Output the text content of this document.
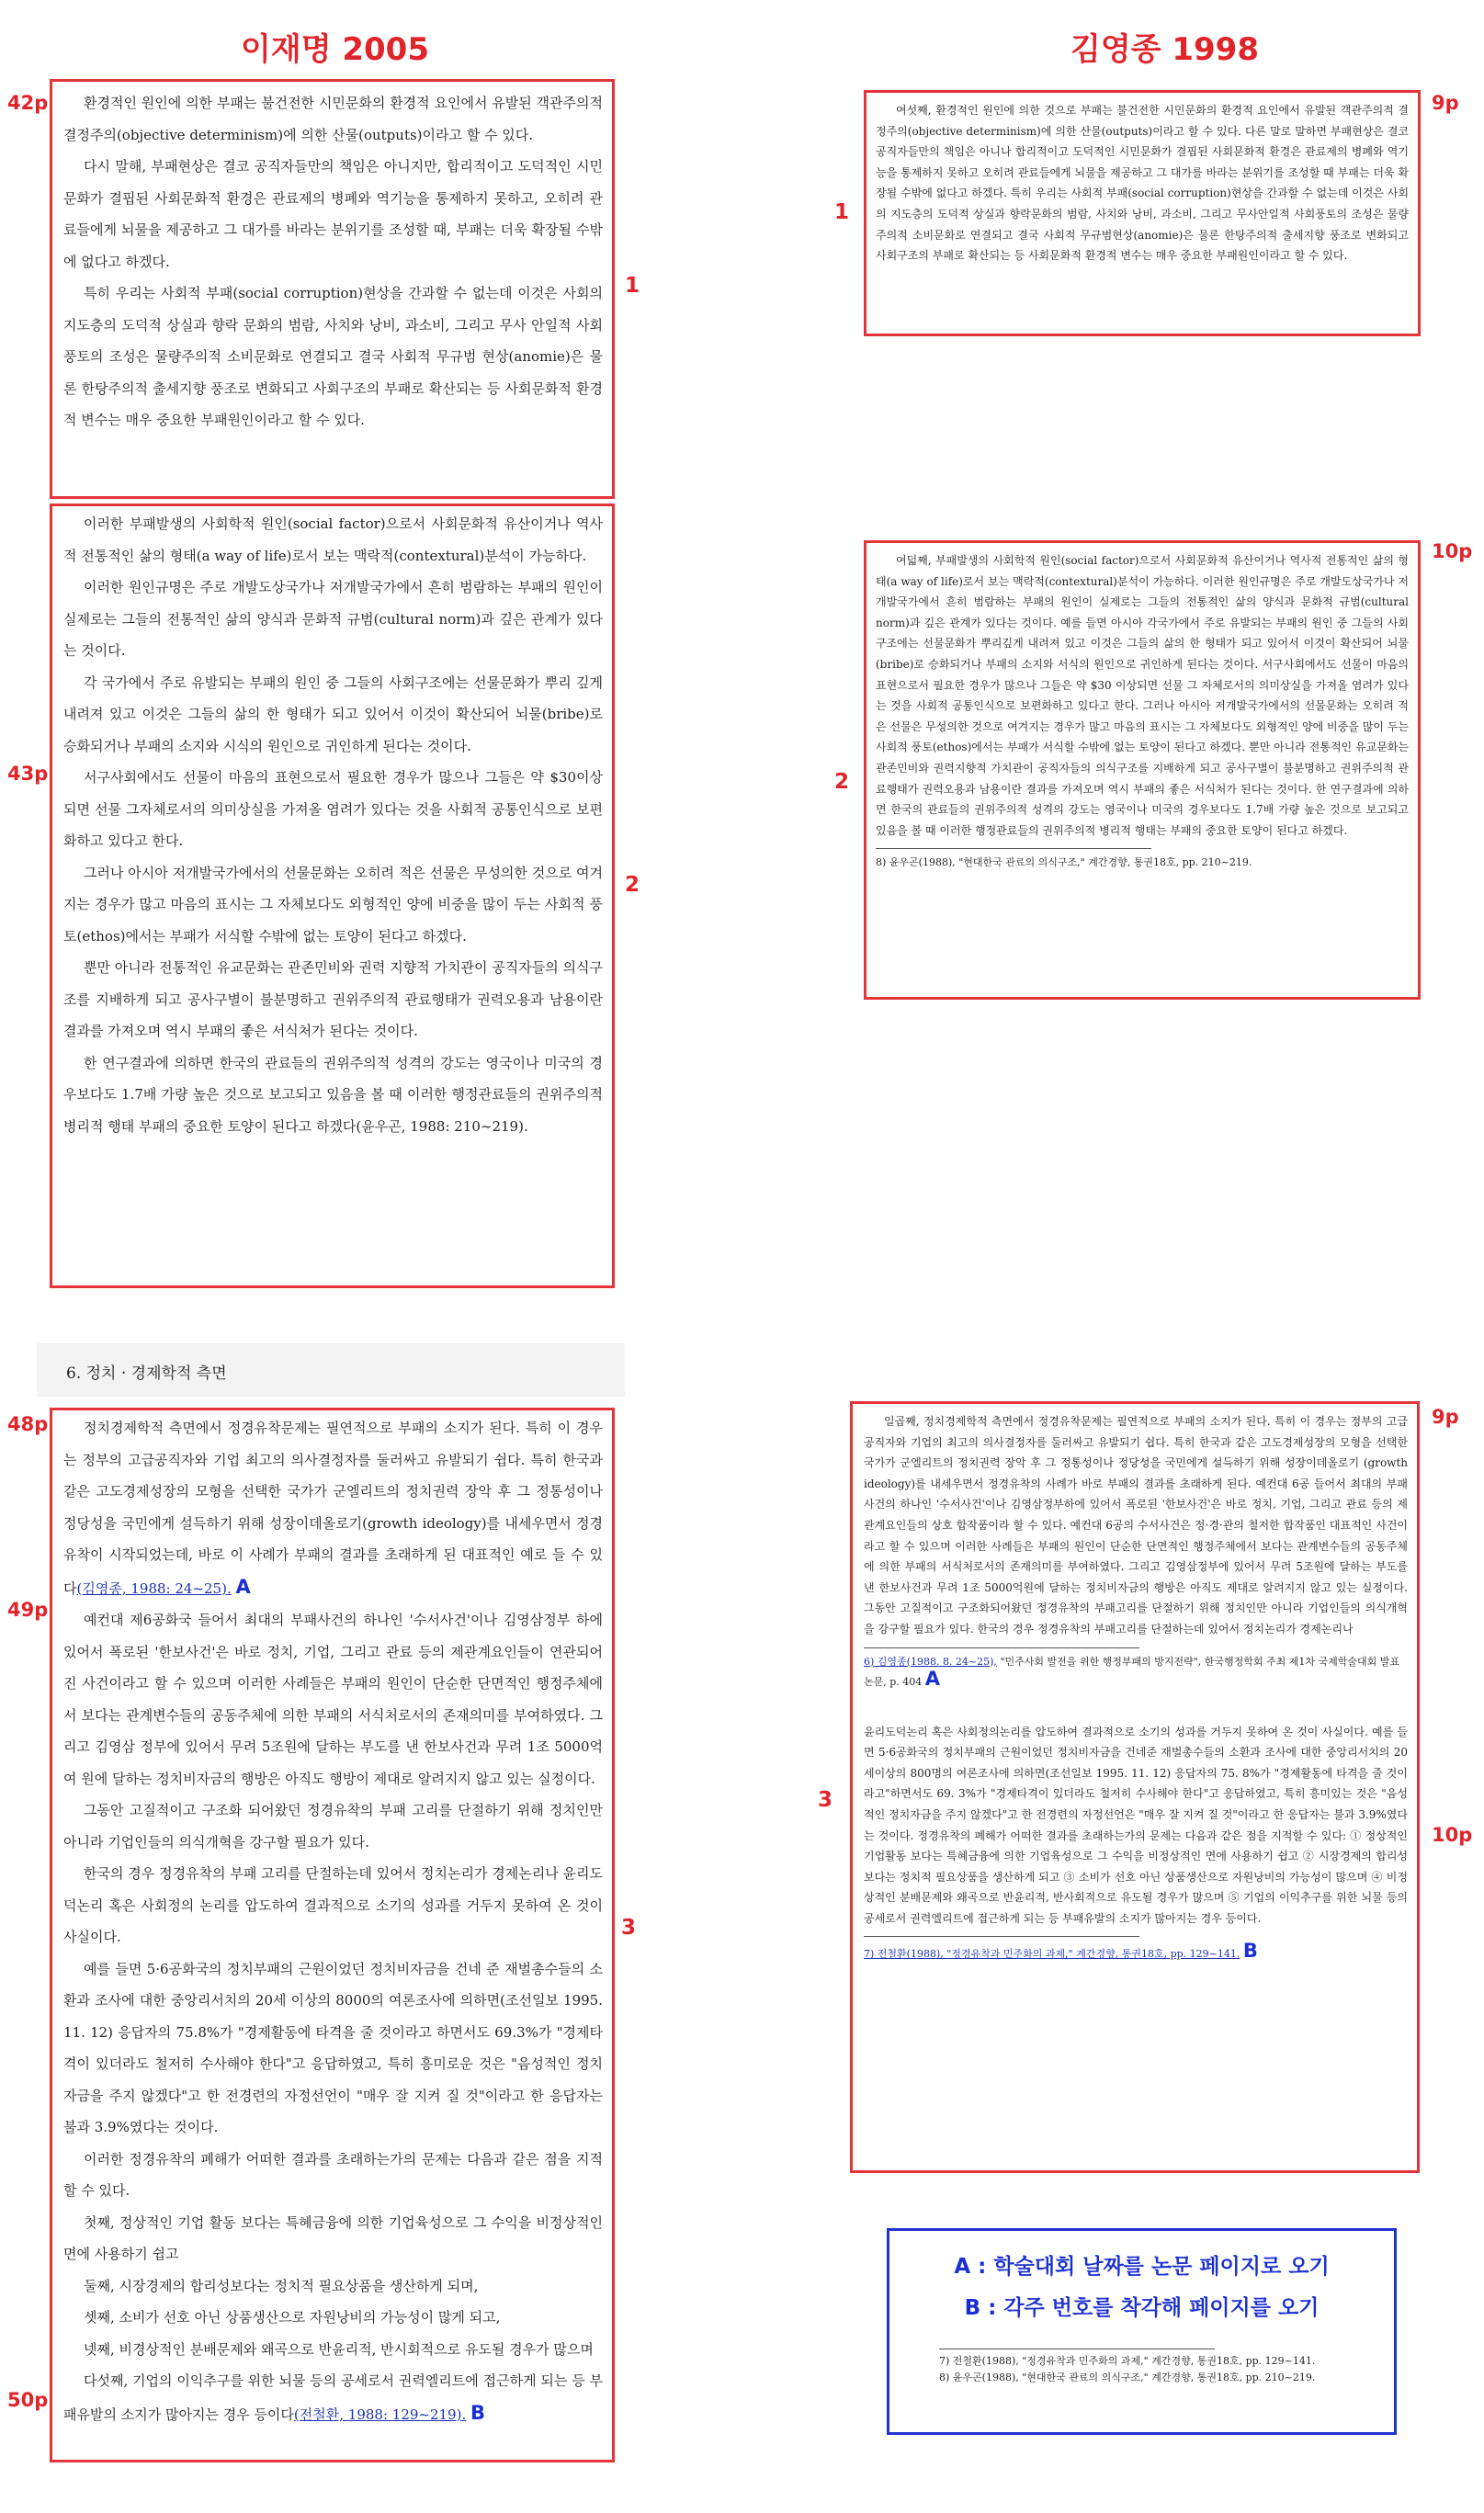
이재명 2005	김영종 1998
42p
43p
48p
49p
50p
9p
10p
9p
10p
1
1
2
2
3
3

환경적인 원인에 의한 부패는 불건전한 시민문화의 환경적 요인에서 유발된 객관주의적 결정주의(objective determinism)에 의한 산물(outputs)이라고 할 수 있다.

다시 말해, 부패현상은 결코 공직자들만의 책임은 아니지만, 합리적이고 도덕적인 시민문화가 결핍된 사회문화적 환경은 관료제의 병폐와 역기능을 통제하지 못하고, 오히려 관료들에게 뇌물을 제공하고 그 대가를 바라는 분위기를 조성할 때, 부패는 더욱 확장될 수밖에 없다고 하겠다.

특히 우리는 사회적 부패(social corruption)현상을 간과할 수 없는데 이것은 사회의 지도층의 도덕적 상실과 향락 문화의 범람, 사치와 낭비, 과소비, 그리고 무사 안일적 사회풍토의 조성은 물량주의적 소비문화로 연결되고 결국 사회적 무규범 현상(anomie)은 물론 한탕주의적 출세지향 풍조로 변화되고 사회구조의 부패로 확산되는 등 사회문화적 환경적 변수는 매우 중요한 부패원인이라고 할 수 있다.

이러한 부패발생의 사회학적 원인(social factor)으로서 사회문화적 유산이거나 역사적 전통적인 삶의 형태(a way of life)로서 보는 맥락적(contextural)분석이 가능하다.

이러한 원인규명은 주로 개발도상국가나 저개발국가에서 흔히 범람하는 부패의 원인이 실제로는 그들의 전통적인 삶의 양식과 문화적 규범(cultural norm)과 깊은 관계가 있다는 것이다.

각 국가에서 주로 유발되는 부패의 원인 중 그들의 사회구조에는 선물문화가 뿌리 깊게 내려져 있고 이것은 그들의 삶의 한 형태가 되고 있어서 이것이 확산되어 뇌물(bribe)로 승화되거나 부패의 소지와 시식의 원인으로 귀인하게 된다는 것이다.

서구사회에서도 선물이 마음의 표현으로서 필요한 경우가 많으나 그들은 약 $30이상 되면 선물 그자체로서의 의미상실을 가져올 염려가 있다는 것을 사회적 공통인식으로 보편화하고 있다고 한다.

그러나 아시아 저개발국가에서의 선물문화는 오히려 적은 선물은 무성의한 것으로 여겨지는 경우가 많고 마음의 표시는 그 자체보다도 외형적인 양에 비중을 많이 두는 사회적 풍토(ethos)에서는 부패가 서식할 수밖에 없는 토양이 된다고 하겠다.

뿐만 아니라 전통적인 유교문화는 관존민비와 권력 지향적 가치관이 공직자들의 의식구조를 지배하게 되고 공사구별이 불분명하고 권위주의적 관료행태가 권력오용과 남용이란 결과를 가져오며 역시 부패의 좋은 서식처가 된다는 것이다.

한 연구결과에 의하면 한국의 관료들의 권위주의적 성격의 강도는 영국이나 미국의 경우보다도 1.7배 가량 높은 것으로 보고되고 있음을 볼 때 이러한 행정관료들의 권위주의적 병리적 행태 부패의 중요한 토양이 된다고 하겠다(윤우곤, 1988: 210~219).

여섯째, 환경적인 원인에 의한 것으로 부패는 불건전한 시민문화의 환경적 요인에서 유발된 객관주의적 결정주의(objective determinism)에 의한 산물(outputs)이라고 할 수 있다. 다른 말로 말하면 부패현상은 결코 공직자들만의 책임은 아니나 합리적이고 도덕적인 시민문화가 결핍된 사회문화적 환경은 관료제의 병폐와 역기능을 통제하지 못하고 오히려 관료들에게 뇌물을 제공하고 그 대가를 바라는 분위기를 조성할 때 부패는 더욱 확장될 수밖에 없다고 하겠다. 특히 우리는 사회적 부패(social corruption)현상을 간과할 수 없는데 이것은 사회의 지도층의 도덕적 상실과 향락문화의 범람, 사치와 낭비, 과소비, 그리고 무사안일적 사회풍토의 조성은 물량주의적 소비문화로 연결되고 결국 사회적 무규범현상(anomie)은 물론 한탕주의적 출세지향 풍조로 변화되고 사회구조의 부패로 확산되는 등 사회문화적 환경적 변수는 매우 중요한 부패원인이라고 할 수 있다.

여덟째, 부패발생의 사회학적 원인(social factor)으로서 사회문화적 유산이거나 역사적 전통적인 삶의 형태(a way of life)로서 보는 맥락적(contextural)분석이 가능하다. 이러한 원인규명은 주로 개발도상국가나 저개발국가에서 흔히 범람하는 부패의 원인이 실제로는 그들의 전통적인 삶의 양식과 문화적 규범(cultural norm)과 깊은 관계가 있다는 것이다. 예를 들면 아시아 각국가에서 주로 유발되는 부패의 원인 중 그들의 사회구조에는 선물문화가 뿌리깊게 내려져 있고 이것은 그들의 삶의 한 형태가 되고 있어서 이것이 확산되어 뇌물(bribe)로 승화되거나 부패의 소지와 서식의 원인으로 귀인하게 된다는 것이다. 서구사회에서도 선물이 마음의 표현으로서 필요한 경우가 많으나 그들은 약 $30 이상되면 선물 그 자체로서의 의미상실을 가져올 염려가 있다는 것을 사회적 공통인식으로 보편화하고 있다고 한다. 그러나 아시아 저개발국가에서의 선물문화는 오히려 적은 선물은 무성의한 것으로 여겨지는 경우가 많고 마음의 표시는 그 자체보다도 외형적인 양에 비중을 많이 두는 사회적 풍토(ethos)에서는 부패가 서식할 수밖에 없는 토양이 된다고 하겠다. 뿐만 아니라 전통적인 유교문화는 관존민비와 권력지향적 가치관이 공직자들의 의식구조를 지배하게 되고 공사구별이 불분명하고 권위주의적 관료행태가 권력오용과 남용이란 결과를 가져오며 역시 부패의 좋은 서식처가 된다는 것이다. 한 연구결과에 의하면 한국의 관료들의 권위주의적 성격의 강도는 영국이나 미국의 경우보다도 1.7배 가량 높은 것으로 보고되고 있음을 볼 때 이러한 행정관료들의 권위주의적 병리적 행태는 부패의 중요한 토양이 된다고 하겠다.

8) 윤우곤(1988), "현대한국 관료의 의식구조," 계간경향, 통권18호, pp. 210~219.

6. 정치 · 경제학적 측면

정치경제학적 측면에서 정경유착문제는 필연적으로 부패의 소지가 된다. 특히 이 경우는 정부의 고급공직자와 기업 최고의 의사결정자를 둘러싸고 유발되기 쉽다. 특히 한국과 같은 고도경제성장의 모형을 선택한 국가가 군엘리트의 정치권력 장악 후 그 정통성이나 정당성을 국민에게 설득하기 위해 성장이데올로기(growth ideology)를 내세우면서 정경유착이 시작되었는데, 바로 이 사례가 부패의 결과를 초래하게 된 대표적인 예로 들 수 있다(김영종, 1988: 24~25). A

예컨대 제6공화국 들어서 최대의 부패사건의 하나인 '수서사건'이나 김영삼정부 하에 있어서 폭로된 '한보사건'은 바로 정치, 기업, 그리고 관료 등의 제관계요인들이 연관되어진 사건이라고 할 수 있으며 이러한 사례들은 부패의 원인이 단순한 단면적인 행정주체에서 보다는 관계변수들의 공동주체에 의한 부패의 서식처로서의 존재의미를 부여하였다. 그리고 김영삼 정부에 있어서 무려 5조원에 달하는 부도를 낸 한보사건과 무려 1조 5000억 여 원에 달하는 정치비자금의 행방은 아직도 행방이 제대로 알려지지 않고 있는 실정이다.

그동안 고질적이고 구조화 되어왔던 정경유착의 부패 고리를 단절하기 위해 정치인만 아니라 기업인들의 의식개혁을 강구할 필요가 있다.

한국의 경우 정경유착의 부패 고리를 단절하는데 있어서 정치논리가 경제논리나 윤리도덕논리 혹은 사회정의 논리를 압도하여 결과적으로 소기의 성과를 거두지 못하여 온 것이 사실이다.

예를 들면 5·6공화국의 정치부패의 근원이었던 정치비자금을 건네 준 재벌총수들의 소환과 조사에 대한 중앙리서치의 20세 이상의 8000의 여론조사에 의하면(조선일보 1995. 11. 12) 응답자의 75.8%가 "경제활동에 타격을 줄 것이라고 하면서도 69.3%가 "경제타격이 있더라도 철저히 수사해야 한다"고 응답하였고, 특히 흥미로운 것은 "음성적인 정치자금을 주지 않겠다"고 한 전경련의 자정선언이 "매우 잘 지켜 질 것"이라고 한 응답자는 불과 3.9%였다는 것이다.

이러한 정경유착의 폐해가 어떠한 결과를 초래하는가의 문제는 다음과 같은 점을 지적할 수 있다.

첫째, 정상적인 기업 활동 보다는 특혜금융에 의한 기업육성으로 그 수익을 비정상적인 면에 사용하기 쉽고

둘째, 시장경제의 합리성보다는 정치적 필요상품을 생산하게 되며,

셋째, 소비가 선호 아닌 상품생산으로 자원낭비의 가능성이 많게 되고,

넷째, 비경상적인 분배문제와 왜곡으로 반윤리적, 반시회적으로 유도될 경우가 많으며

다섯째, 기업의 이익추구를 위한 뇌물 등의 공세로서 권력엘리트에 접근하게 되는 등 부패유발의 소지가 많아지는 경우 등이다(전철환, 1988: 129~219). B

일곱째, 정치경제학적 측면에서 정경유착문제는 필연적으로 부패의 소지가 된다. 특히 이 경우는 정부의 고급공직자와 기업의 최고의 의사결정자를 둘러싸고 유발되기 쉽다. 특히 한국과 같은 고도경제성장의 모형을 선택한 국가가 군엘리트의 정치권력 장악 후 그 정통성이나 정당성을 국민에게 설득하기 위해 성장이데올로기 (growth ideology)를 내세우면서 정경유착의 사례가 바로 부패의 결과를 초래하게 된다. 예컨대 6공 들어서 최대의 부패사건의 하나인 '수서사건'이나 김영삼정부하에 있어서 폭로된 '한보사건'은 바로 정치, 기업, 그리고 관료 등의 제관계요인들의 상호 합작품이라 할 수 있다. 예컨대 6공의 수서사건은 정·경·관의 철저한 합작품인 대표적인 사건이라고 할 수 있으며 이러한 사례들은 부패의 원인이 단순한 단면적인 행정주체에서 보다는 관계변수들의 공동주체에 의한 부패의 서식처로서의 존재의미를 부여하였다. 그리고 김영삼정부에 있어서 무려 5조원에 달하는 부도를 낸 한보사건과 무려 1조 5000억원에 달하는 정치비자금의 행방은 아직도 제대로 알려지지 않고 있는 실정이다. 그동안 고질적이고 구조화되어왔던 정경유착의 부패고리를 단절하기 위해 정치인만 아니라 기업인들의 의식개혁을 강구할 필요가 있다. 한국의 경우 정경유착의 부패고리를 단절하는데 있어서 정치논리가 경제논리나

6) 김영종(1988. 8. 24~25), "민주사회 발전을 위한 행정부패의 방지전략", 한국행정학회 주최 제1차 국제학술대회 발표논문, p. 404 A

윤리도덕논리 혹은 사회정의논리를 압도하여 결과적으로 소기의 성과를 거두지 못하여 온 것이 사실이다. 예를 들면 5·6공화국의 정치부패의 근원이었던 정치비자금을 건네준 재벌총수들의 소환과 조사에 대한 중앙리서치의 20세이상의 800명의 여론조사에 의하면(조선일보 1995. 11. 12) 응답자의 75. 8%가 "경제활동에 타격을 줄 것이라고"하면서도 69. 3%가 "경제타격이 있더라도 철저히 수사해야 한다"고 응답하였고, 특히 흥미있는 것은 "음성적인 정치자금을 주지 않겠다"고 한 전경련의 자정선언은 "매우 잘 지켜 질 것"이라고 한 응답자는 불과 3.9%였다는 것이다. 정경유착의 폐해가 어떠한 결과를 초래하는가의 문제는 다음과 같은 점을 지적할 수 있다: ① 정상적인 기업활동 보다는 특혜금융에 의한 기업육성으로 그 수익을 비정상적인 면에 사용하기 쉽고 ② 시장경제의 합리성보다는 정치적 필요상품을 생산하게 되고 ③ 소비가 선호 아닌 상품생산으로 자원낭비의 가능성이 많으며 ④ 비정상적인 분배문제와 왜곡으로 반윤리적, 반사회적으로 유도될 경우가 많으며 ⑤ 기업의 이익추구를 위한 뇌물 등의 공세로서 권력엘리트에 접근하게 되는 등 부패유발의 소지가 많아지는 경우 등이다.

7) 전철환(1988), "정경유착과 민주화의 과제," 계간경향, 통권18호, pp. 129~141. B

A : 학술대회 날짜를 논문 페이지로 오기
B : 각주 번호를 착각해 페이지를 오기

7) 전철환(1988), "정경유착과 민주화의 과제," 계간경향, 통권18호, pp. 129~141.

8) 윤우곤(1988), "현대한국 관료의 의식구조," 계간경향, 통권18호, pp. 210~219.
